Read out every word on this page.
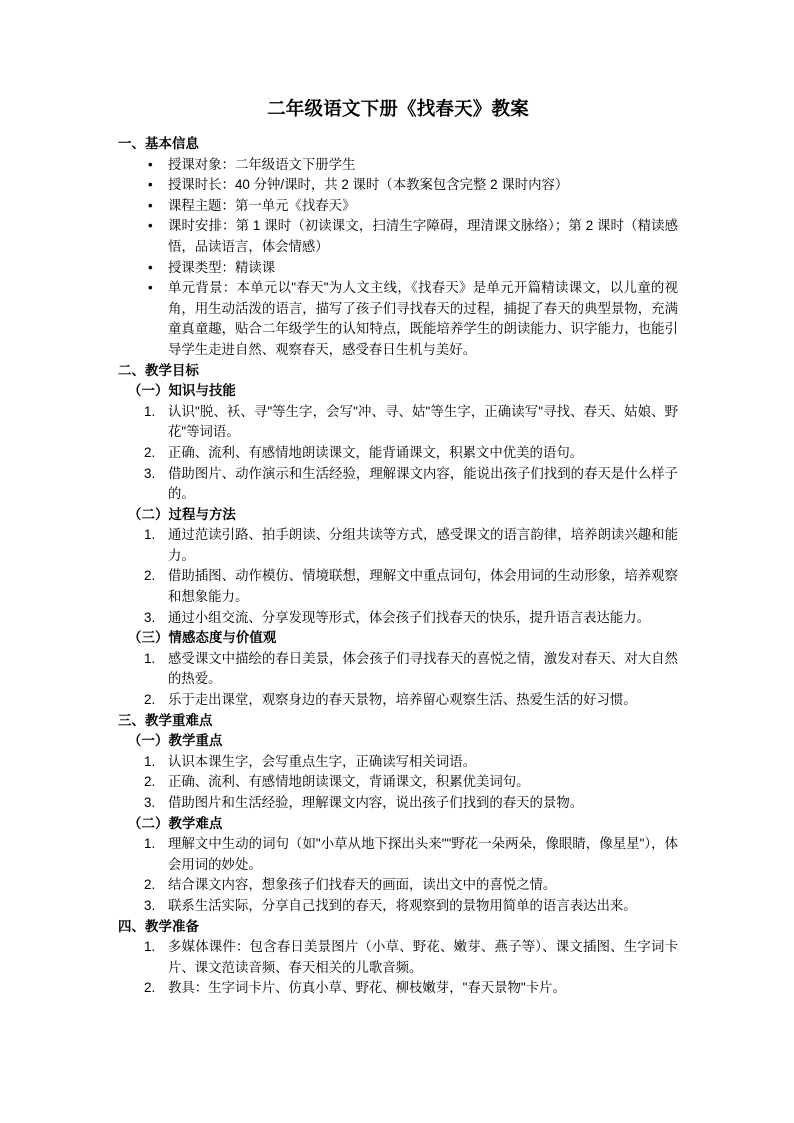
二年级语文下册《找春天》教案
一、基本信息
• 授课对象：二年级语文下册学生
• 授课时长：40 分钟/课时，共 2 课时（本教案包含完整 2 课时内容）
• 课程主题：第一单元《找春天》
• 课时安排：第 1 课时（初读课文，扫清生字障碍，理清课文脉络）；第 2 课时（精读感悟，品读语言，体会情感）
• 授课类型：精读课
• 单元背景：本单元以"春天"为人文主线，《找春天》是单元开篇精读课文，以儿童的视角，用生动活泼的语言，描写了孩子们寻找春天的过程，捕捉了春天的典型景物，充满童真童趣，贴合二年级学生的认知特点，既能培养学生的朗读能力、识字能力，也能引导学生走进自然、观察春天，感受春日生机与美好。
二、教学目标
（一）知识与技能
认识"脱、袄、寻"等生字，会写"冲、寻、姑"等生字，正确读写"寻找、春天、姑娘、野花"等词语。
正确、流利、有感情地朗读课文，能背诵课文，积累文中优美的语句。
借助图片、动作演示和生活经验，理解课文内容，能说出孩子们找到的春天是什么样子的。
（二）过程与方法
通过范读引路、拍手朗读、分组共读等方式，感受课文的语言韵律，培养朗读兴趣和能力。
借助插图、动作模仿、情境联想，理解文中重点词句，体会用词的生动形象，培养观察和想象能力。
通过小组交流、分享发现等形式，体会孩子们找春天的快乐，提升语言表达能力。
（三）情感态度与价值观
感受课文中描绘的春日美景，体会孩子们寻找春天的喜悦之情，激发对春天、对大自然的热爱。
乐于走出课堂，观察身边的春天景物，培养留心观察生活、热爱生活的好习惯。
三、教学重难点
（一）教学重点
认识本课生字，会写重点生字，正确读写相关词语。
正确、流利、有感情地朗读课文，背诵课文，积累优美词句。
借助图片和生活经验，理解课文内容，说出孩子们找到的春天的景物。
（二）教学难点
理解文中生动的词句（如"小草从地下探出头来""野花一朵两朵，像眼睛，像星星"），体会用词的妙处。
结合课文内容，想象孩子们找春天的画面，读出文中的喜悦之情。
联系生活实际，分享自己找到的春天，将观察到的景物用简单的语言表达出来。
四、教学准备
多媒体课件：包含春日美景图片（小草、野花、嫩芽、燕子等）、课文插图、生字词卡片、课文范读音频、春天相关的儿歌音频。
教具：生字词卡片、仿真小草、野花、柳枝嫩芽，"春天景物"卡片。
